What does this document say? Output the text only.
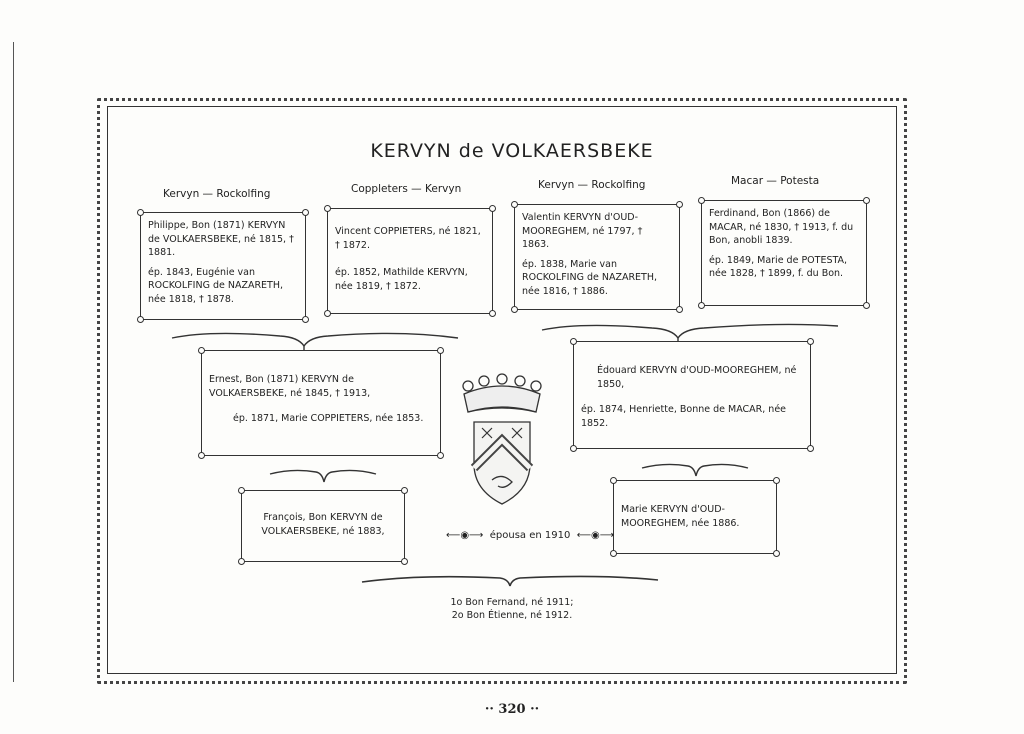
KERVYN de VOLKAERSBEKE
Kervyn — Rockolfing	Coppleters — Kervyn	Kervyn — Rockolfing	Macar — Potesta

Philippe, Bon (1871) KERVYN de VOLKAERSBEKE, né 1815, † 1881.

ép. 1843, Eugénie van ROCKOLFING de NAZARETH, née 1818, † 1878.

Vincent COPPIETERS, né 1821, † 1872.

ép. 1852, Mathilde KERVYN, née 1819, † 1872.

Valentin KERVYN d'OUD-MOOREGHEM, né 1797, † 1863.

ép. 1838, Marie van ROCKOLFING de NAZARETH, née 1816, † 1886.

Ferdinand, Bon (1866) de MACAR, né 1830, † 1913, f. du Bon, anobli 1839.

ép. 1849, Marie de POTESTA, née 1828, † 1899, f. du Bon.

Ernest, Bon (1871) KERVYN de VOLKAERSBEKE, né 1845, † 1913,

ép. 1871, Marie COPPIETERS, née 1853.

Édouard KERVYN d'OUD-MOOREGHEM, né 1850,

ép. 1874, Henriette, Bonne de MACAR, née 1852.

François, Bon KERVYN de VOLKAERSBEKE, né 1883,

Marie KERVYN d'OUD-MOOREGHEM, née 1886.

⟵◉⟶  épousa en 1910  ⟵◉⟶
1o Bon Fernand, né 1911;
2o Bon Étienne, né 1912.
·· 320 ··
